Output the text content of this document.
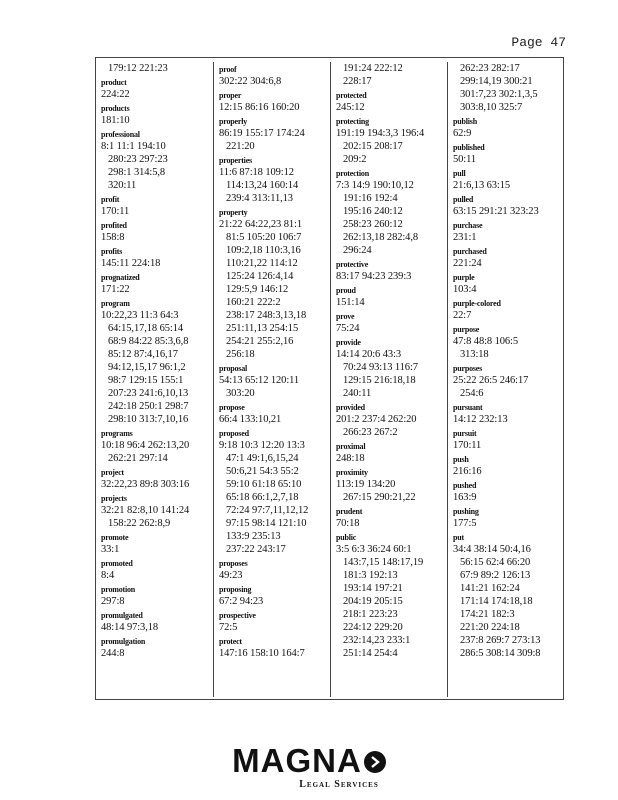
Page 47
179:12 221:23
product
224:22
products
181:10
professional
8:1 11:1 194:10
280:23 297:23
298:1 314:5,8
320:11
profit
170:11
profited
158:8
profits
145:11 224:18
prognatized
171:22
program
10:22,23 11:3 64:3
64:15,17,18 65:14
68:9 84:22 85:3,6,8
85:12 87:4,16,17
94:12,15,17 96:1,2
98:7 129:15 155:1
207:23 241:6,10,13
242:18 250:1 298:7
298:10 313:7,10,16
programs
10:18 96:4 262:13,20
262:21 297:14
project
32:22,23 89:8 303:16
projects
32:21 82:8,10 141:24
158:22 262:8,9
promote
33:1
promoted
8:4
promotion
297:8
promulgated
48:14 97:3,18
promulgation
244:8
proof
302:22 304:6,8
proper
12:15 86:16 160:20
properly
86:19 155:17 174:24
221:20
properties
11:6 87:18 109:12
114:13,24 160:14
239:4 313:11,13
property
21:22 64:22,23 81:1
81:5 105:20 106:7
109:2,18 110:3,16
110:21,22 114:12
125:24 126:4,14
129:5,9 146:12
160:21 222:2
238:17 248:3,13,18
251:11,13 254:15
254:21 255:2,16
256:18
proposal
54:13 65:12 120:11
303:20
propose
66:4 133:10,21
proposed
9:18 10:3 12:20 13:3
47:1 49:1,6,15,24
50:6,21 54:3 55:2
59:10 61:18 65:10
65:18 66:1,2,7,18
72:24 97:7,11,12,12
97:15 98:14 121:10
133:9 235:13
237:22 243:17
proposes
49:23
proposing
67:2 94:23
prospective
72:5
protect
147:16 158:10 164:7
191:24 222:12
228:17
protected
245:12
protecting
191:19 194:3,3 196:4
202:15 208:17
209:2
protection
7:3 14:9 190:10,12
191:16 192:4
195:16 240:12
258:23 260:12
262:13,18 282:4,8
296:24
protective
83:17 94:23 239:3
proud
151:14
prove
75:24
provide
14:14 20:6 43:3
70:24 93:13 116:7
129:15 216:18,18
240:11
provided
201:2 237:4 262:20
266:23 267:2
proximal
248:18
proximity
113:19 134:20
267:15 290:21,22
prudent
70:18
public
3:5 6:3 36:24 60:1
143:7,15 148:17,19
181:3 192:13
193:14 197:21
204:19 205:15
218:1 223:23
224:12 229:20
232:14,23 233:1
251:14 254:4
262:23 282:17
299:14,19 300:21
301:7,23 302:1,3,5
303:8,10 325:7
publish
62:9
published
50:11
pull
21:6,13 63:15
pulled
63:15 291:21 323:23
purchase
231:1
purchased
221:24
purple
103:4
purple-colored
22:7
purpose
47:8 48:8 106:5
313:18
purposes
25:22 26:5 246:17
254:6
pursuant
14:12 232:13
pursuit
170:11
push
216:16
pushed
163:9
pushing
177:5
put
34:4 38:14 50:4,16
56:15 62:4 66:20
67:9 89:2 126:13
141:21 162:24
171:14 174:18,18
174:21 182:3
221:20 224:18
237:8 269:7 273:13
286:5 308:14 309:8
MAGNA
Legal Services
